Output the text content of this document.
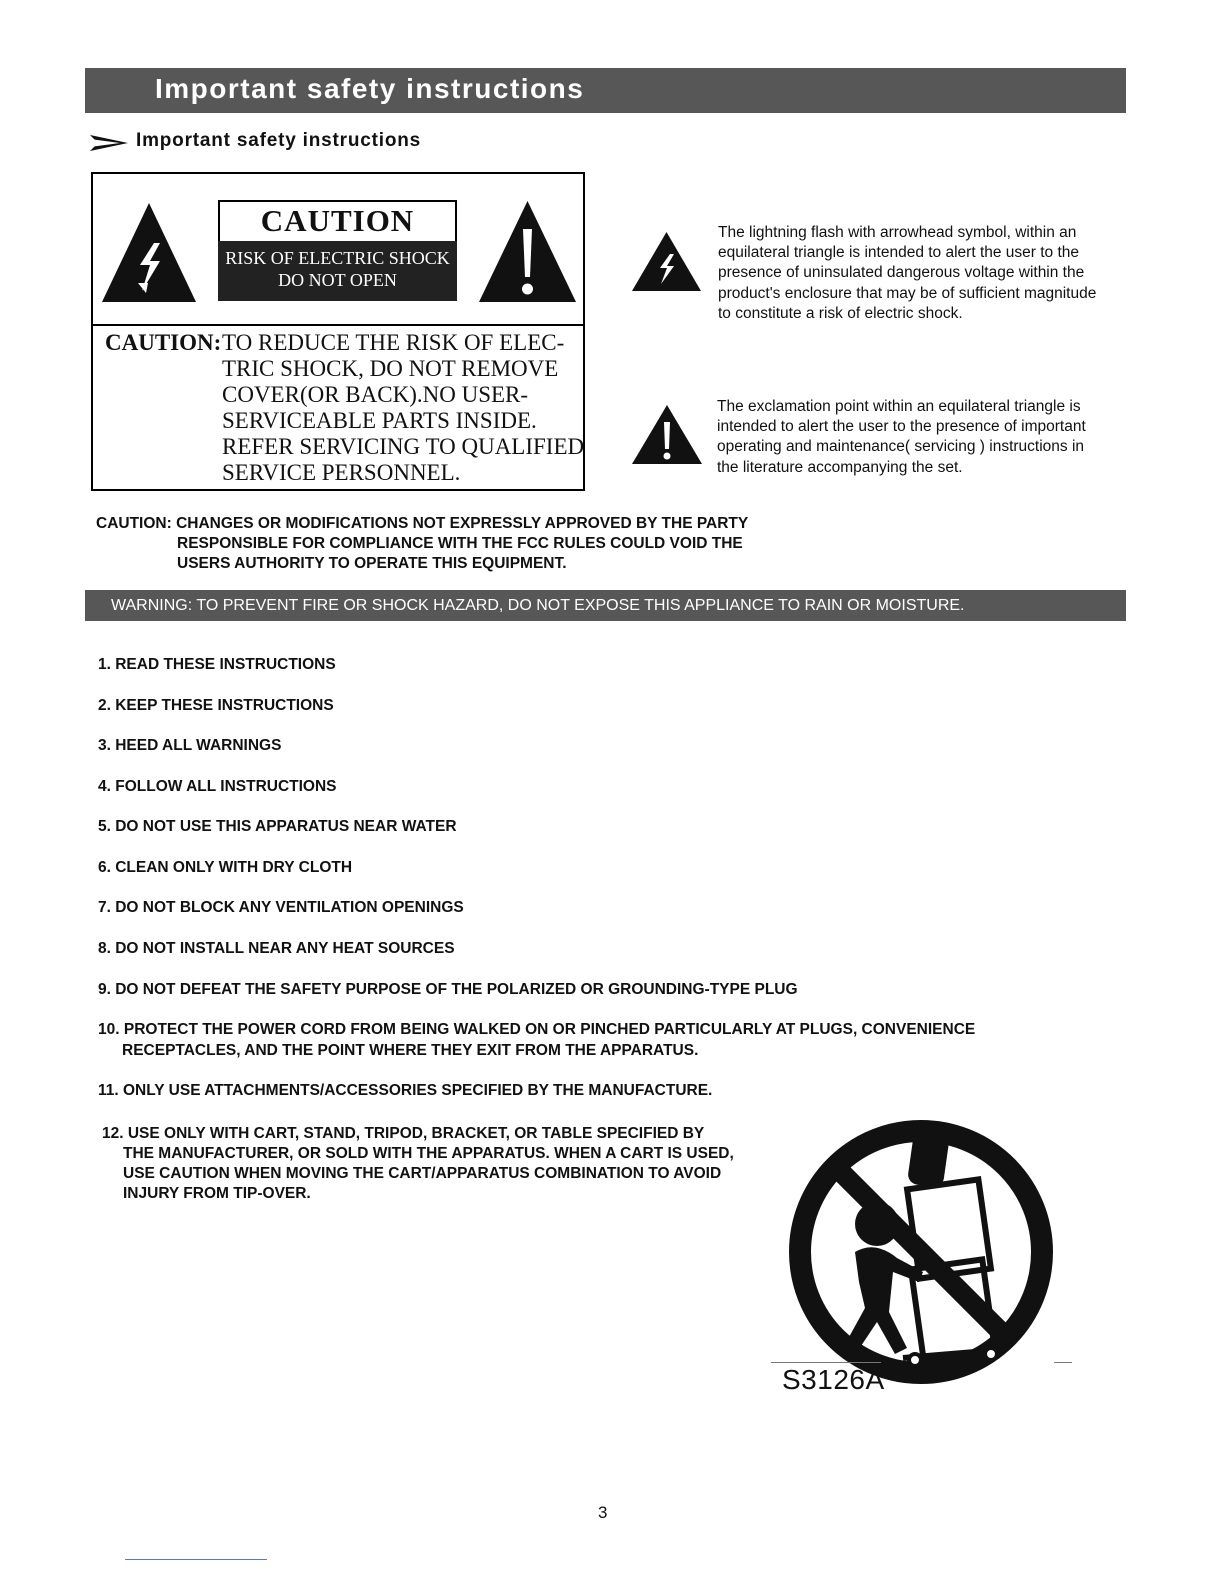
Important safety instructions
Important safety instructions
CAUTION
RISK OF ELECTRIC SHOCK
DO NOT OPEN
CAUTION: TO REDUCE THE RISK OF ELEC-
TRIC SHOCK, DO NOT REMOVE
COVER(OR BACK).NO USER-
SERVICEABLE PARTS INSIDE.
REFER SERVICING TO QUALIFIED
SERVICE PERSONNEL.
The lightning flash with arrowhead symbol, within an
equilateral triangle is intended to alert the user to the
presence of uninsulated dangerous voltage within the
product's enclosure that may be of sufficient magnitude
to constitute a risk of electric shock.
The exclamation point within an equilateral triangle is
intended to alert the user to the presence of important
operating and maintenance( servicing ) instructions in
the literature accompanying the set.
CAUTION: CHANGES OR MODIFICATIONS NOT EXPRESSLY APPROVED BY THE PARTY
RESPONSIBLE FOR COMPLIANCE WITH THE FCC RULES COULD VOID THE
USERS AUTHORITY TO OPERATE THIS EQUIPMENT.
WARNING: TO PREVENT FIRE OR SHOCK HAZARD, DO NOT EXPOSE THIS APPLIANCE TO RAIN OR MOISTURE.
1. READ THESE INSTRUCTIONS
2. KEEP THESE INSTRUCTIONS
3. HEED ALL WARNINGS
4. FOLLOW ALL INSTRUCTIONS
5. DO NOT USE THIS APPARATUS NEAR WATER
6. CLEAN ONLY WITH DRY CLOTH
7. DO NOT BLOCK ANY VENTILATION OPENINGS
8. DO NOT INSTALL NEAR ANY HEAT SOURCES
9. DO NOT DEFEAT THE SAFETY PURPOSE OF THE POLARIZED OR GROUNDING-TYPE PLUG
10. PROTECT THE POWER CORD FROM BEING WALKED ON OR PINCHED PARTICULARLY AT PLUGS, CONVENIENCE
RECEPTACLES, AND THE POINT WHERE THEY EXIT FROM THE APPARATUS.
11. ONLY USE ATTACHMENTS/ACCESSORIES SPECIFIED BY THE MANUFACTURE.
12. USE ONLY WITH CART, STAND, TRIPOD, BRACKET, OR TABLE SPECIFIED BY
THE MANUFACTURER, OR SOLD WITH THE APPARATUS. WHEN A CART IS USED,
USE CAUTION WHEN MOVING THE CART/APPARATUS COMBINATION TO AVOID
INJURY FROM TIP-OVER.
S3126A
3
